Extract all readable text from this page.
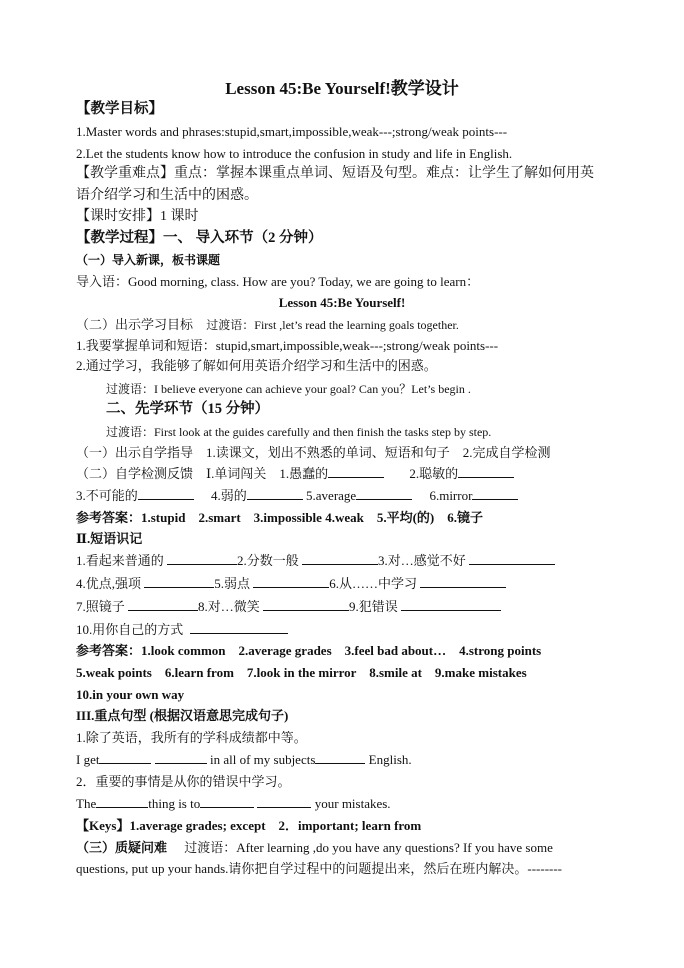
Lesson 45:Be Yourself!教学设计
【教学目标】
1.Master words and phrases:stupid,smart,impossible,weak---;strong/weak points---
2.Let the students know how to introduce the confusion in study and life in English.
【教学重难点】重点：掌握本课重点单词、短语及句型。难点：让学生了解如何用英
语介绍学习和生活中的困惑。
【课时安排】1 课时
【教学过程】一、 导入环节（2 分钟）
（一）导入新课，板书课题
导入语：Good morning, class. How are you? Today, we are going to learn：
Lesson 45:Be Yourself!
（二）出示学习目标 过渡语：First ,let’s read the learning goals together.
1.我要掌握单词和短语：stupid,smart,impossible,weak---;strong/weak points---
2.通过学习，我能够了解如何用英语介绍学习和生活中的困惑。
过渡语：I believe everyone can achieve your goal? Can you？Let’s begin .
二、先学环节（15 分钟）
过渡语：First look at the guides carefully and then finish the tasks step by step.
（一）出示自学指导　1.读课文，划出不熟悉的单词、短语和句子　2.完成自学检测
（二）自学检测反馈　Ⅰ.单词闯关　1.愚蠢的	2.聪敏的
3.不可能的	4.弱的	5.average	6.mirror
参考答案：1.stupid　2.smart　3.impossible 4.weak　5.平均(的)　6.镜子
Ⅱ.短语识记
1.看起来普通的	2.分数一般	3.对…感觉不好
4.优点,强项	5.弱点	6.从……中学习
7.照镜子	8.对…微笑	9.犯错误
10.用你自己的方式
参考答案：1.look common　2.average grades　3.feel bad about…　4.strong points
5.weak points　6.learn from　7.look in the mirror　8.smile at　9.make mistakes
10.in your own way
III.重点句型 (根据汉语意思完成句子)
1.除了英语，我所有的学科成绩都中等。
I get	in all of my subjects	English.
2．重要的事情是从你的错误中学习。
The	thing is to	your mistakes.
【Keys】1.average grades; except　2．important; learn from
（三）质疑问难 过渡语：After learning ,do you have any questions? If you have some
questions, put up your hands.请你把自学过程中的问题提出来，然后在班内解决。--------
